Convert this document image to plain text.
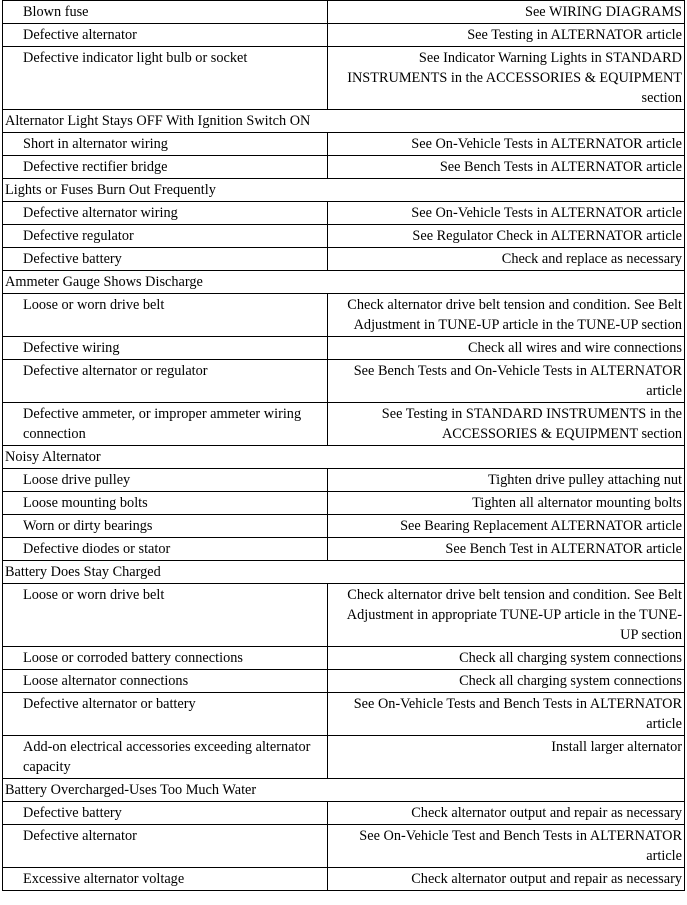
Blown fuse	See WIRING DIAGRAMS
Defective alternator	See Testing in ALTERNATOR article
Defective indicator light bulb or socket	See Indicator Warning Lights in STANDARD INSTRUMENTS in the ACCESSORIES & EQUIPMENT section
Alternator Light Stays OFF With Ignition Switch ON	
Short in alternator wiring	See On-Vehicle Tests in ALTERNATOR article
Defective rectifier bridge	See Bench Tests in ALTERNATOR article
Lights or Fuses Burn Out Frequently	
Defective alternator wiring	See On-Vehicle Tests in ALTERNATOR article
Defective regulator	See Regulator Check in ALTERNATOR article
Defective battery	Check and replace as necessary
Ammeter Gauge Shows Discharge	
Loose or worn drive belt	Check alternator drive belt tension and condition. See Belt Adjustment in TUNE-UP article in the TUNE-UP section
Defective wiring	Check all wires and wire connections
Defective alternator or regulator	See Bench Tests and On-Vehicle Tests in ALTERNATOR article
Defective ammeter, or improper ammeter wiring connection	See Testing in STANDARD INSTRUMENTS in the ACCESSORIES & EQUIPMENT section
Noisy Alternator	
Loose drive pulley	Tighten drive pulley attaching nut
Loose mounting bolts	Tighten all alternator mounting bolts
Worn or dirty bearings	See Bearing Replacement ALTERNATOR article
Defective diodes or stator	See Bench Test in ALTERNATOR article
Battery Does Stay Charged	
Loose or worn drive belt	Check alternator drive belt tension and condition. See Belt Adjustment in appropriate TUNE-UP article in the TUNE-UP section
Loose or corroded battery connections	Check all charging system connections
Loose alternator connections	Check all charging system connections
Defective alternator or battery	See On-Vehicle Tests and Bench Tests in ALTERNATOR article
Add-on electrical accessories exceeding alternator capacity	Install larger alternator
Battery Overcharged-Uses Too Much Water	
Defective battery	Check alternator output and repair as necessary
Defective alternator	See On-Vehicle Test and Bench Tests in ALTERNATOR article
Excessive alternator voltage	Check alternator output and repair as necessary
